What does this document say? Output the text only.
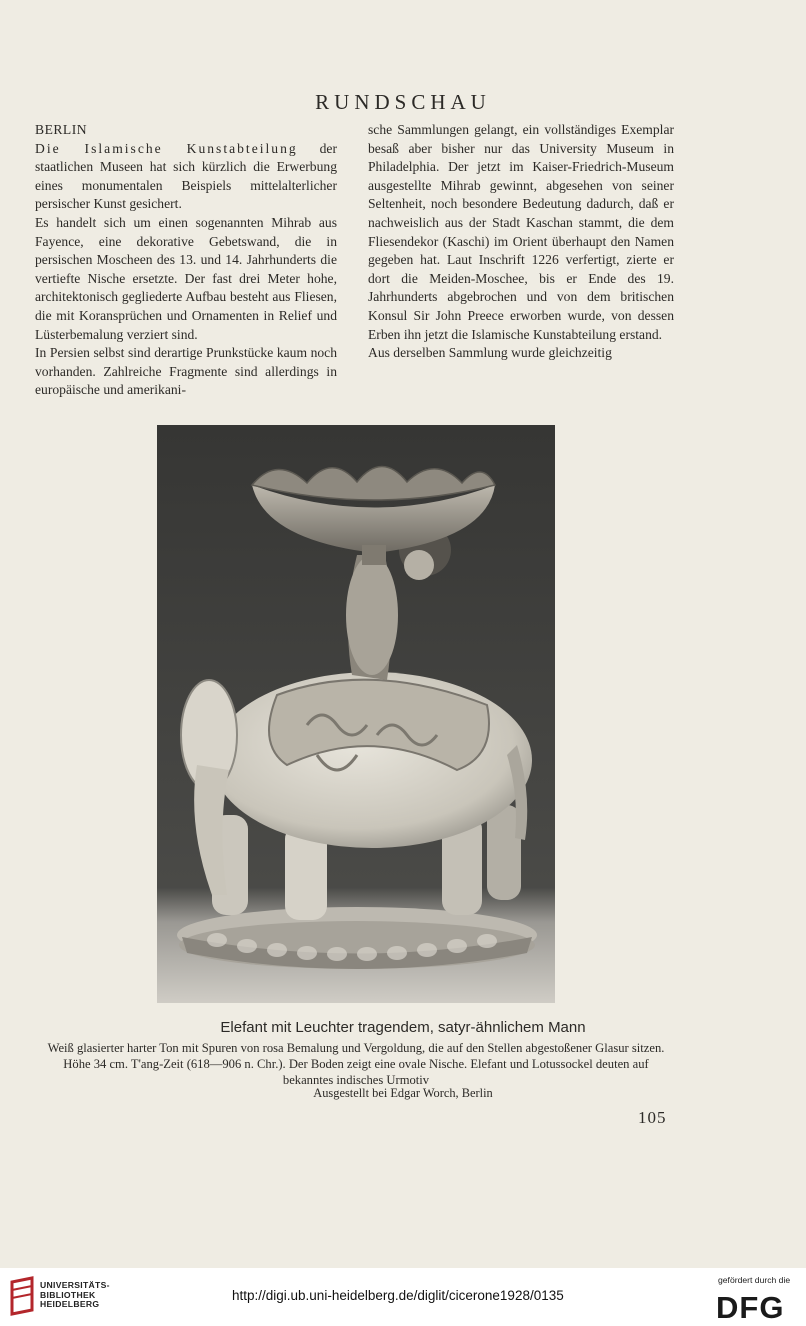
RUNDSCHAU
BERLIN

Die Islamische Kunstabteilung der staatlichen Museen hat sich kürzlich die Erwerbung eines monumentalen Beispiels mittelalterlicher persischer Kunst gesichert.

Es handelt sich um einen sogenannten Mihrab aus Fayence, eine dekorative Gebetswand, die in persischen Moscheen des 13. und 14. Jahrhunderts die vertiefte Nische ersetzte. Der fast drei Meter hohe, architektonisch gegliederte Aufbau besteht aus Fliesen, die mit Koransprüchen und Ornamenten in Relief und Lüsterbemalung verziert sind.

In Persien selbst sind derartige Prunkstücke kaum noch vorhanden. Zahlreiche Fragmente sind allerdings in europäische und amerikani-

sche Sammlungen gelangt, ein vollständiges Exemplar besaß aber bisher nur das University Museum in Philadelphia. Der jetzt im Kaiser-Friedrich-Museum ausgestellte Mihrab gewinnt, abgesehen von seiner Seltenheit, noch besondere Bedeutung dadurch, daß er nachweislich aus der Stadt Kaschan stammt, die dem Fliesendekor (Kaschi) im Orient überhaupt den Namen gegeben hat. Laut Inschrift 1226 verfertigt, zierte er dort die Meiden-Moschee, bis er Ende des 19. Jahrhunderts abgebrochen und von dem britischen Konsul Sir John Preece erworben wurde, von dessen Erben ihn jetzt die Islamische Kunstabteilung erstand.

Aus derselben Sammlung wurde gleichzeitig

Elefant mit Leuchter tragendem, satyr-ähnlichem Mann
Weiß glasierter harter Ton mit Spuren von rosa Bemalung und Vergoldung, die auf den Stellen abgestoßener Glasur sitzen. Höhe 34 cm. T'ang-Zeit (618—906 n. Chr.). Der Boden zeigt eine ovale Nische. Elefant und Lotussockel deuten auf bekanntes indisches Urmotiv
Ausgestellt bei Edgar Worch, Berlin
105
UNIVERSITÄTS-
BIBLIOTHEK
HEIDELBERG
http://digi.ub.uni-heidelberg.de/diglit/cicerone1928/0135
gefördert durch die
DFG
